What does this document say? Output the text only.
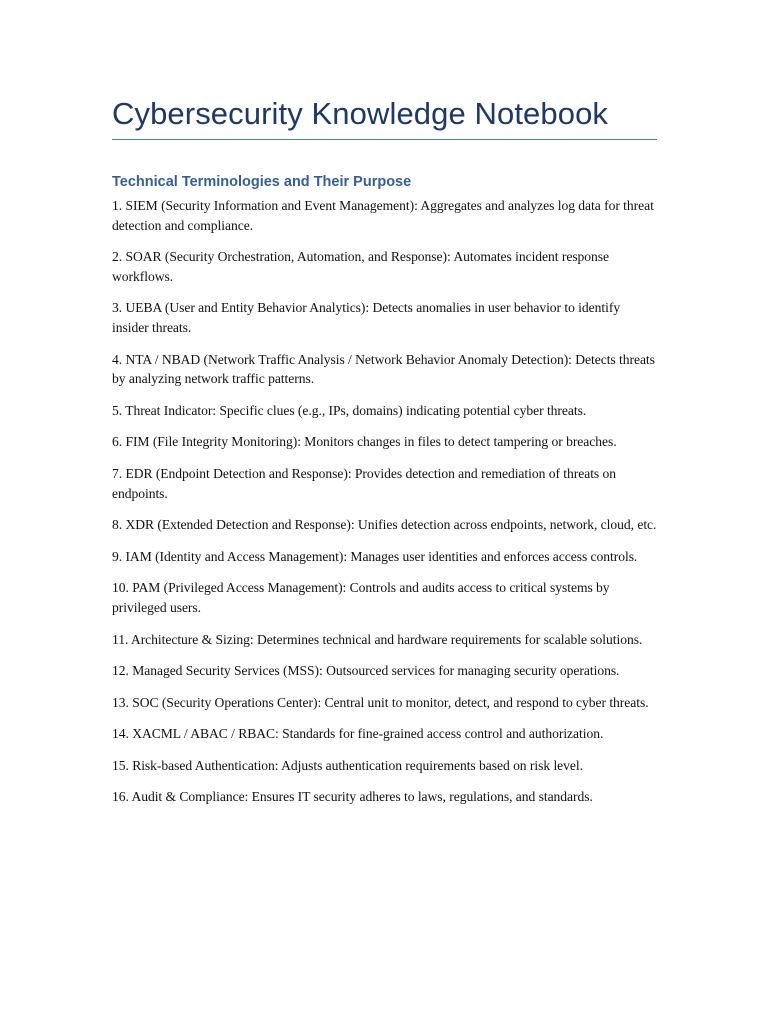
Cybersecurity Knowledge Notebook
Technical Terminologies and Their Purpose
1. SIEM (Security Information and Event Management): Aggregates and analyzes log data for threat detection and compliance.
2. SOAR (Security Orchestration, Automation, and Response): Automates incident response workflows.
3. UEBA (User and Entity Behavior Analytics): Detects anomalies in user behavior to identify insider threats.
4. NTA / NBAD (Network Traffic Analysis / Network Behavior Anomaly Detection): Detects threats by analyzing network traffic patterns.
5. Threat Indicator: Specific clues (e.g., IPs, domains) indicating potential cyber threats.
6. FIM (File Integrity Monitoring): Monitors changes in files to detect tampering or breaches.
7. EDR (Endpoint Detection and Response): Provides detection and remediation of threats on endpoints.
8. XDR (Extended Detection and Response): Unifies detection across endpoints, network, cloud, etc.
9. IAM (Identity and Access Management): Manages user identities and enforces access controls.
10. PAM (Privileged Access Management): Controls and audits access to critical systems by privileged users.
11. Architecture & Sizing: Determines technical and hardware requirements for scalable solutions.
12. Managed Security Services (MSS): Outsourced services for managing security operations.
13. SOC (Security Operations Center): Central unit to monitor, detect, and respond to cyber threats.
14. XACML / ABAC / RBAC: Standards for fine-grained access control and authorization.
15. Risk-based Authentication: Adjusts authentication requirements based on risk level.
16. Audit & Compliance: Ensures IT security adheres to laws, regulations, and standards.
